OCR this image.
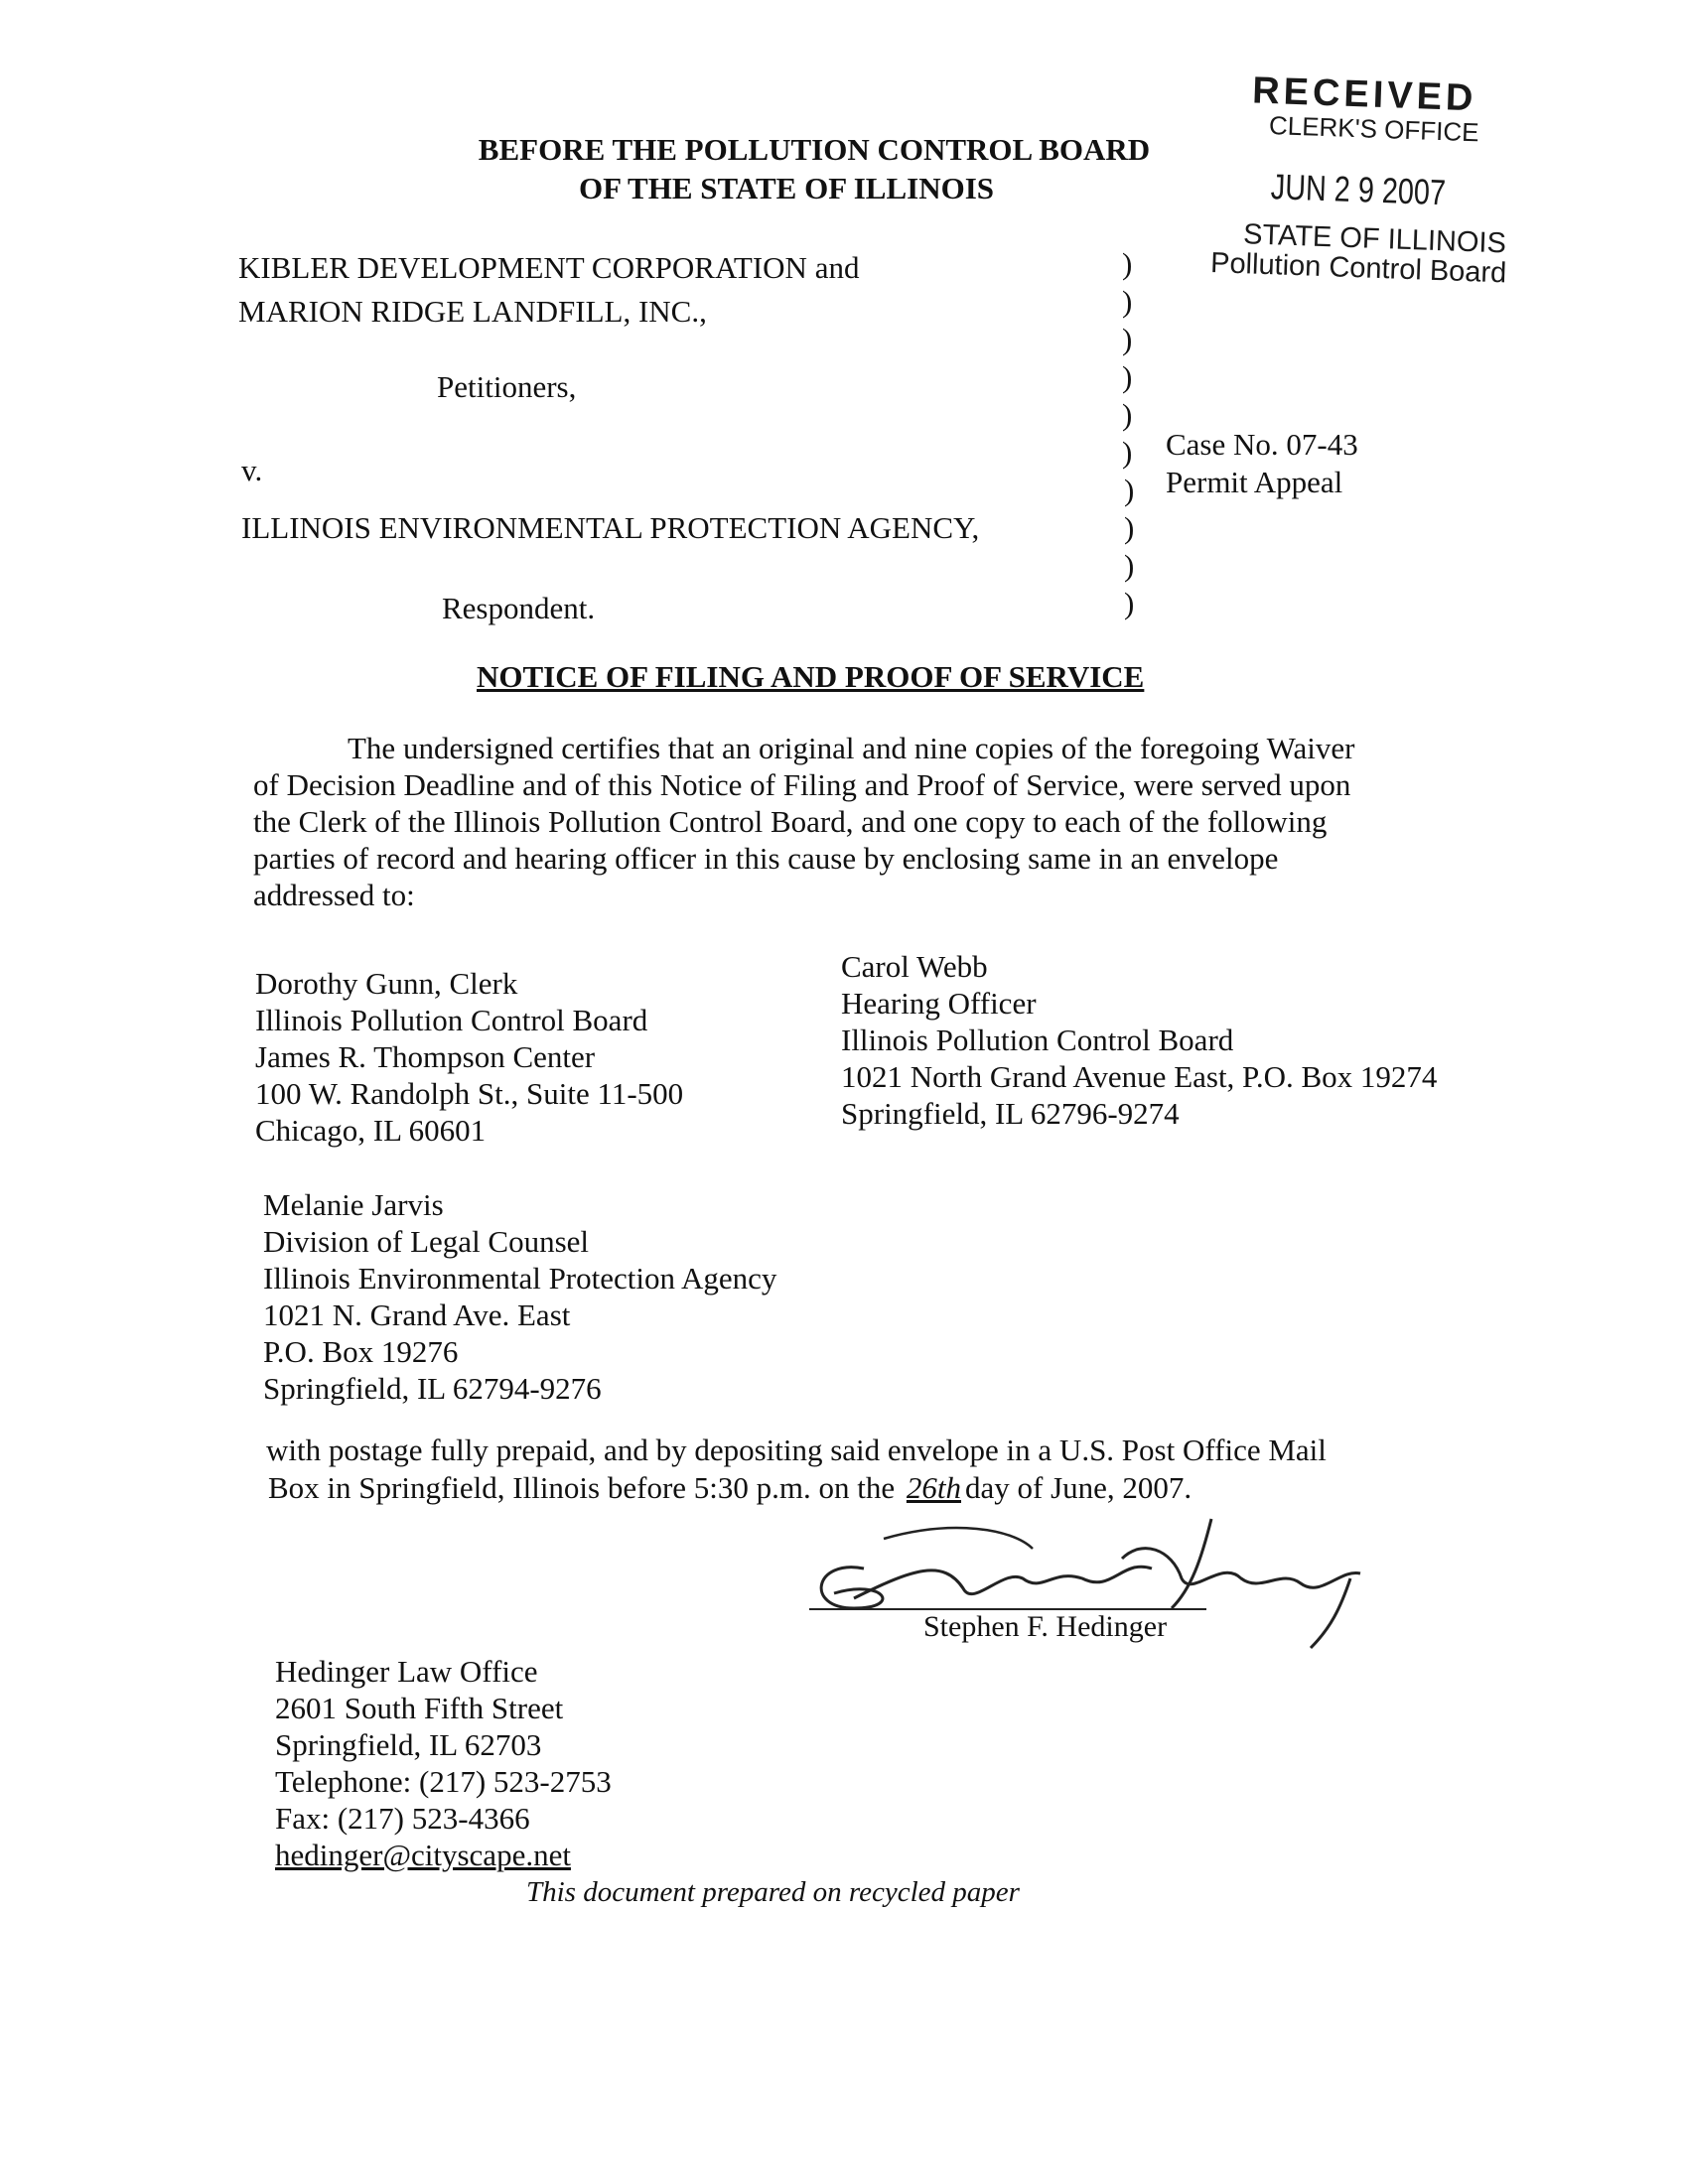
RECEIVED
CLERK'S OFFICE
JUN 2 9 2007
STATE OF ILLINOIS
Pollution Control Board
BEFORE THE POLLUTION CONTROL BOARD
OF THE STATE OF ILLINOIS
KIBLER DEVELOPMENT CORPORATION and
MARION RIDGE LANDFILL, INC.,
Petitioners,
v.
ILLINOIS ENVIRONMENTAL PROTECTION AGENCY,
Respondent.
)
)
)
)
)
)
)
)
)
)
Case No. 07-43
Permit Appeal
NOTICE OF FILING AND PROOF OF SERVICE
The undersigned certifies that an original and nine copies of the foregoing Waiver
of Decision Deadline and of this Notice of Filing and Proof of Service, were served upon
the Clerk of the Illinois Pollution Control Board, and one copy to each of the following
parties of record and hearing officer in this cause by enclosing same in an envelope
addressed to:
Dorothy Gunn, Clerk
Illinois Pollution Control Board
James R. Thompson Center
100 W. Randolph St., Suite 11-500
Chicago, IL 60601
Carol Webb
Hearing Officer
Illinois Pollution Control Board
1021 North Grand Avenue East, P.O. Box 19274
Springfield, IL 62796-9274
Melanie Jarvis
Division of Legal Counsel
Illinois Environmental Protection Agency
1021 N. Grand Ave. East
P.O. Box 19276
Springfield, IL 62794-9276
with postage fully prepaid, and by depositing said envelope in a U.S. Post Office Mail
Box in Springfield, Illinois before 5:30 p.m. on the 26th day of June, 2007.
Stephen F. Hedinger
Hedinger Law Office
2601 South Fifth Street
Springfield, IL 62703
Telephone: (217) 523-2753
Fax: (217) 523-4366
hedinger@cityscape.net
This document prepared on recycled paper
